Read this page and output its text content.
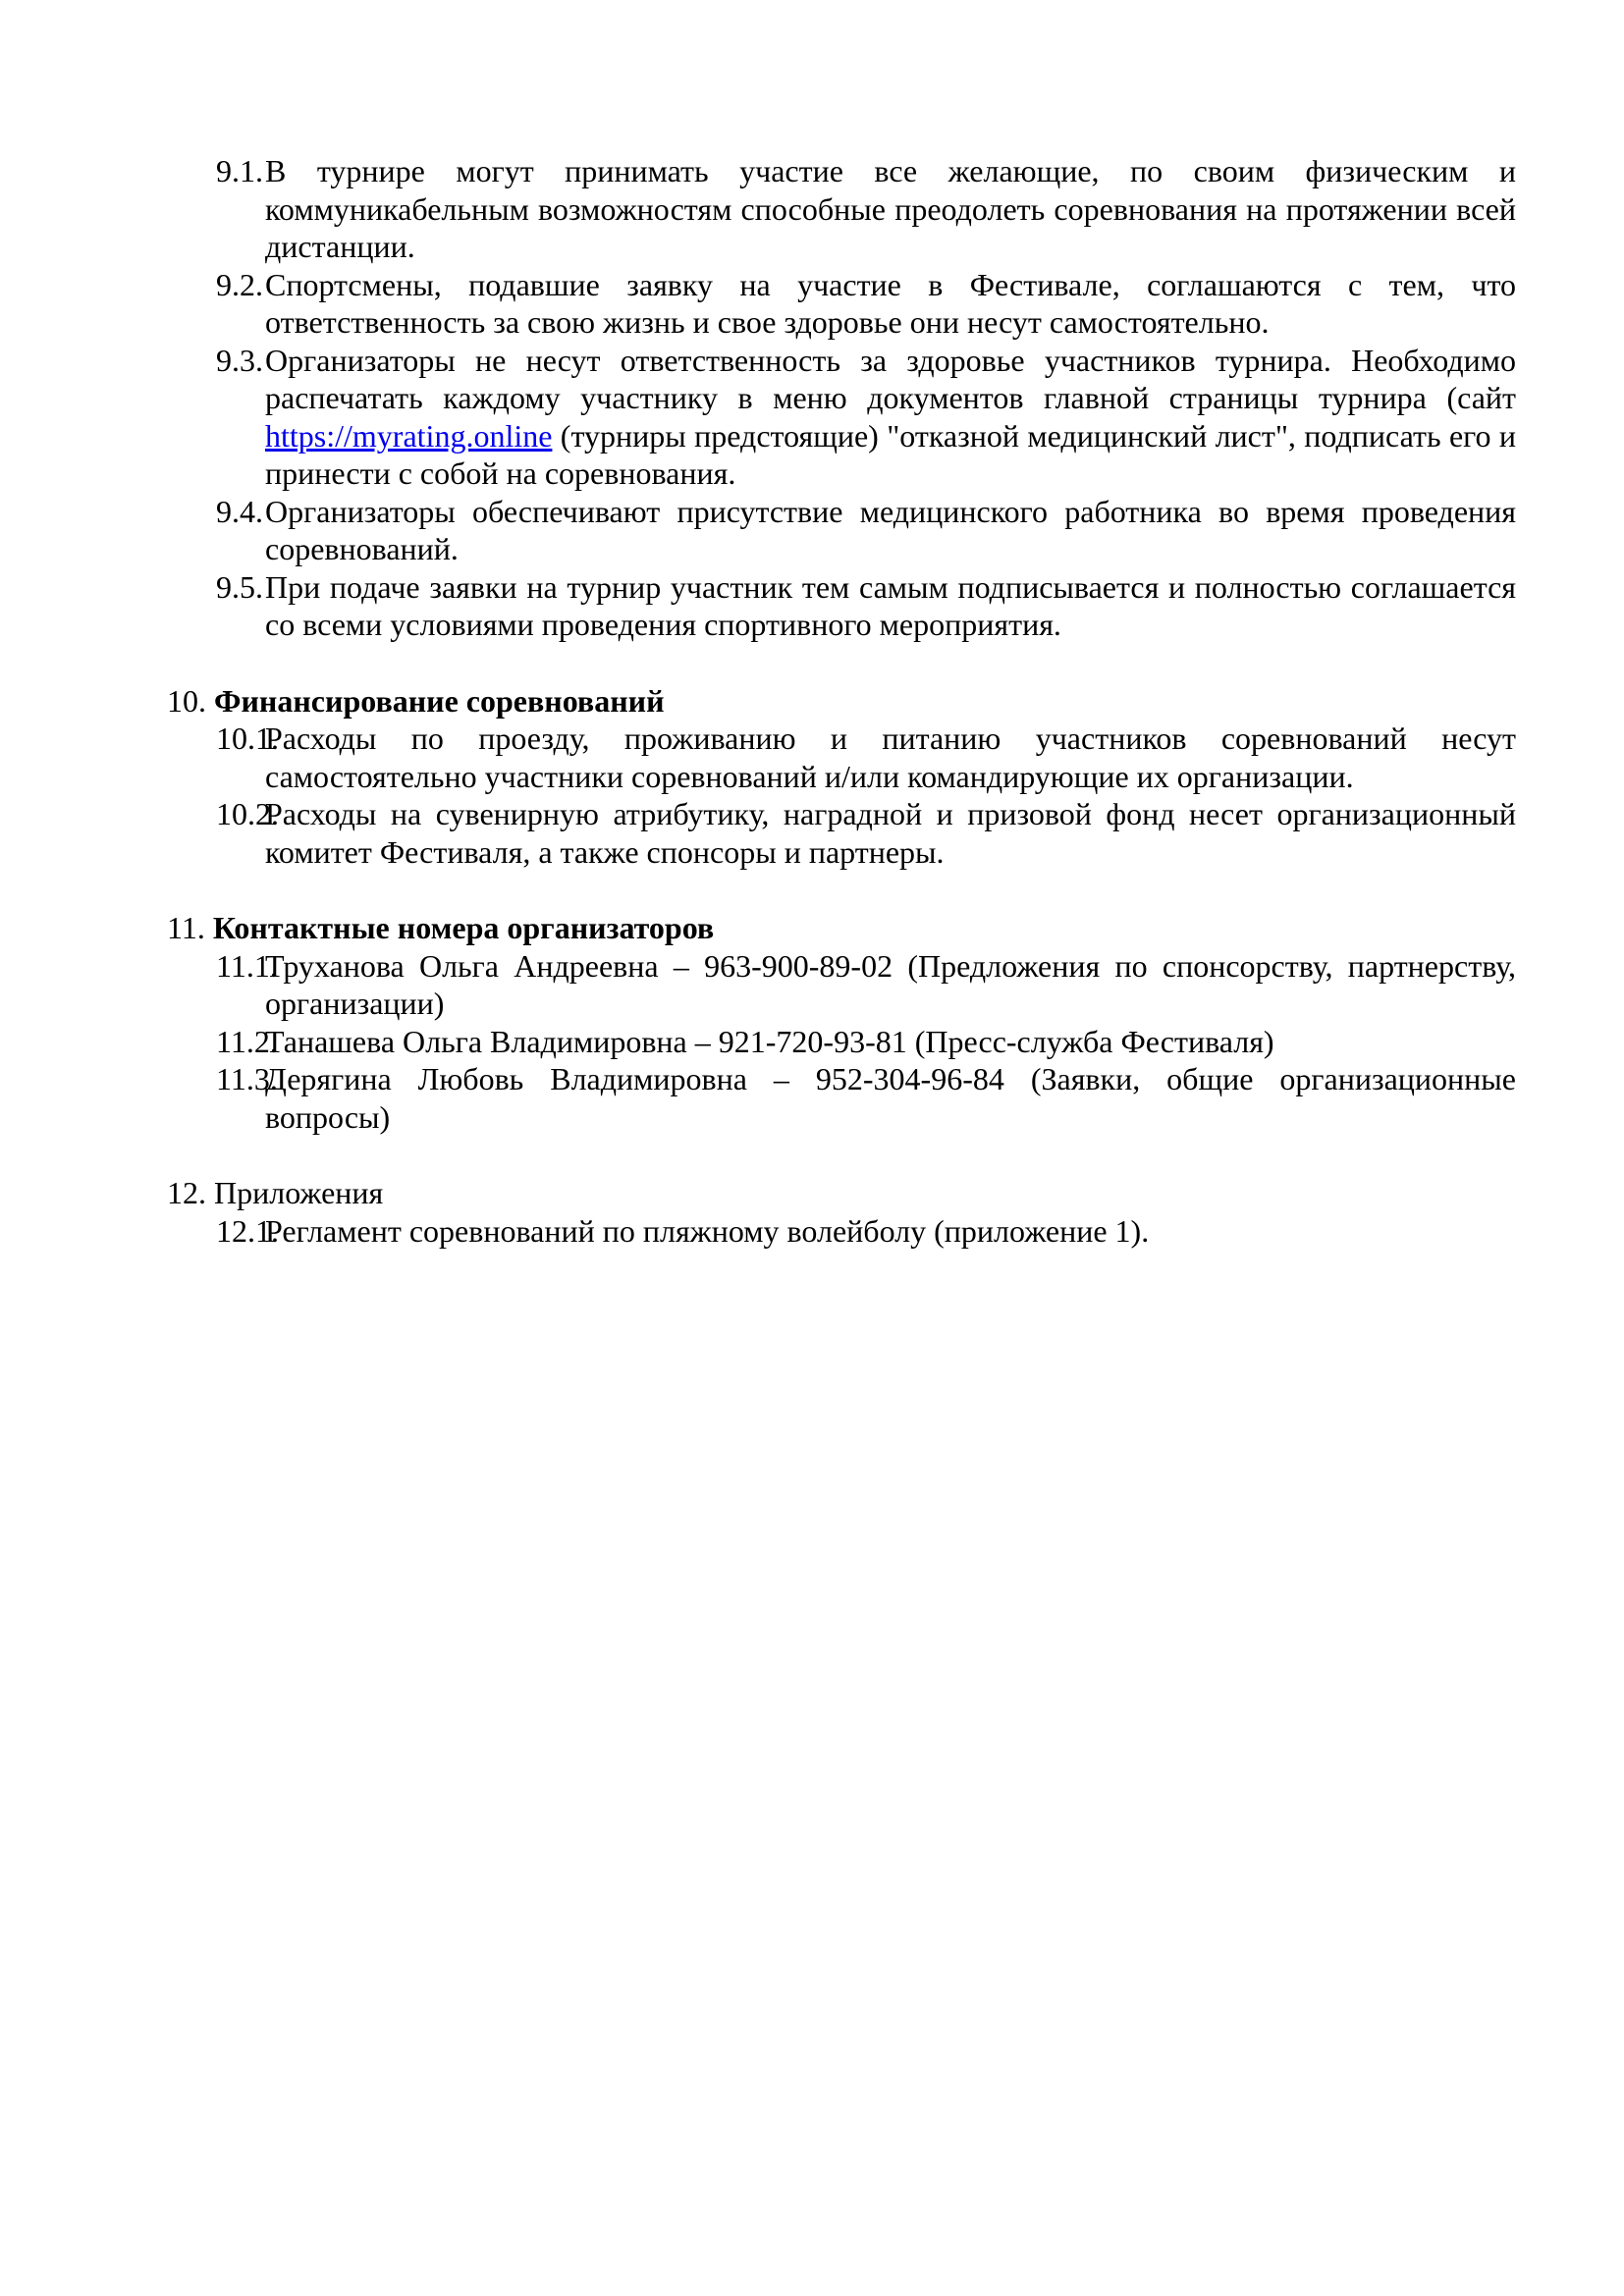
9.1. В турнире могут принимать участие все желающие, по своим физическим и коммуникабельным возможностям способные преодолеть соревнования на протяжении всей дистанции.

9.2. Спортсмены, подавшие заявку на участие в Фестивале, соглашаются с тем, что ответственность за свою жизнь и свое здоровье они несут самостоятельно.

9.3. Организаторы не несут ответственность за здоровье участников турнира. Необходимо распечатать каждому участнику в меню документов главной страницы турнира (сайт https://myrating.online (турниры предстоящие) "отказной медицинский лист", подписать его и принести с собой на соревнования.

9.4. Организаторы обеспечивают присутствие медицинского работника во время проведения соревнований.

9.5. При подаче заявки на турнир участник тем самым подписывается и полностью соглашается со всеми условиями проведения спортивного мероприятия.

10. Финансирование соревнований

10.1.
Расходы по проезду, проживанию и питанию участников соревнований несут самостоятельно участники соревнований и/или командирующие их организации.

10.2.
Расходы на сувенирную атрибутику, наградной и призовой фонд несет организационный комитет Фестиваля, а также спонсоры и партнеры.

11. Контактные номера организаторов

11.1.
Труханова Ольга Андреевна – 963-900-89-02 (Предложения по спонсорству, партнерству, организации)

11.2.
Танашева Ольга Владимировна – 921-720-93-81 (Пресс-служба Фестиваля)

11.3.
Дерягина Любовь Владимировна – 952-304-96-84 (Заявки, общие организационные вопросы)

12. Приложения

12.1.
Регламент соревнований по пляжному волейболу (приложение 1).
